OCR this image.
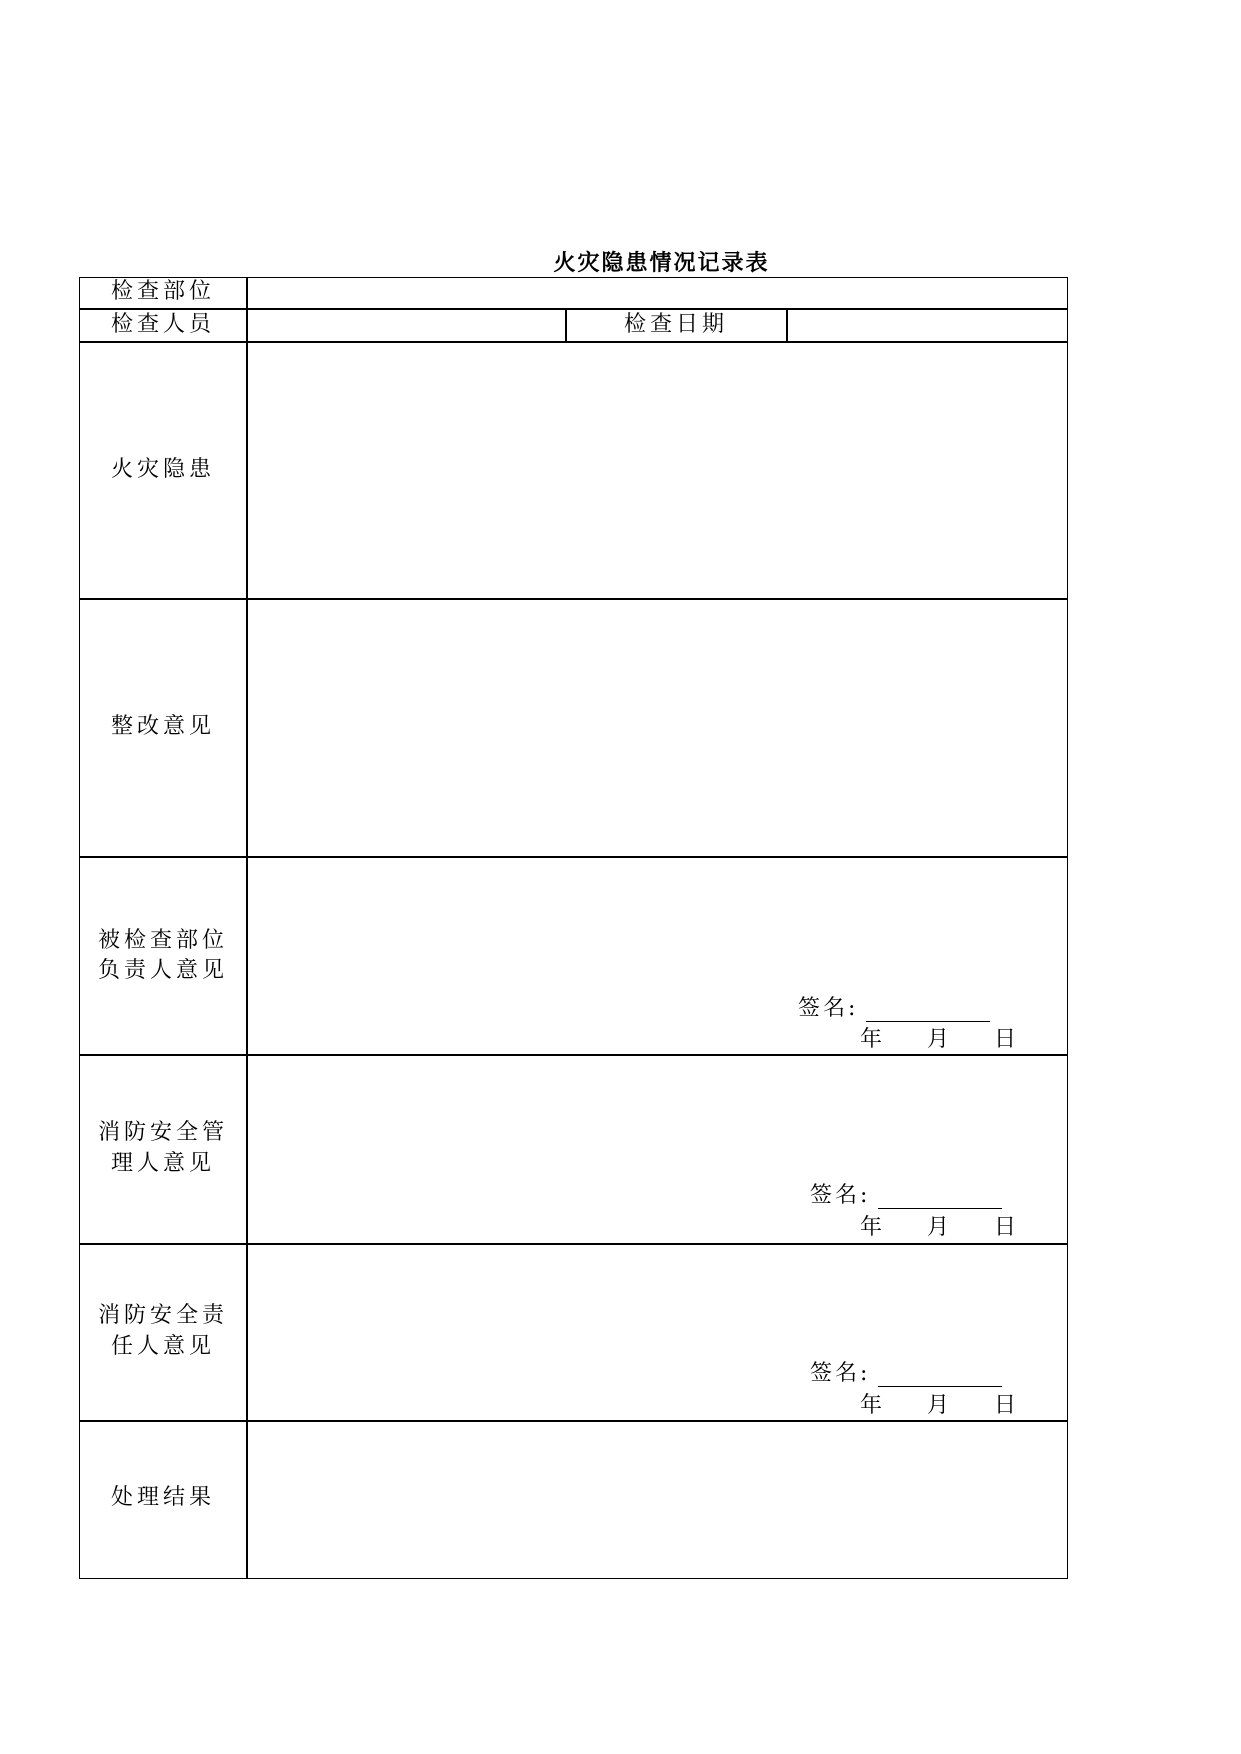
火灾隐患情况记录表
检查部位
检查人员	检查日期
火灾隐患
整改意见
被检查部位
负责人意见
签名:
年 月 日
消防安全管
理人意见
签名:
年 月 日
消防安全责
任人意见
签名:
年 月 日
处理结果
